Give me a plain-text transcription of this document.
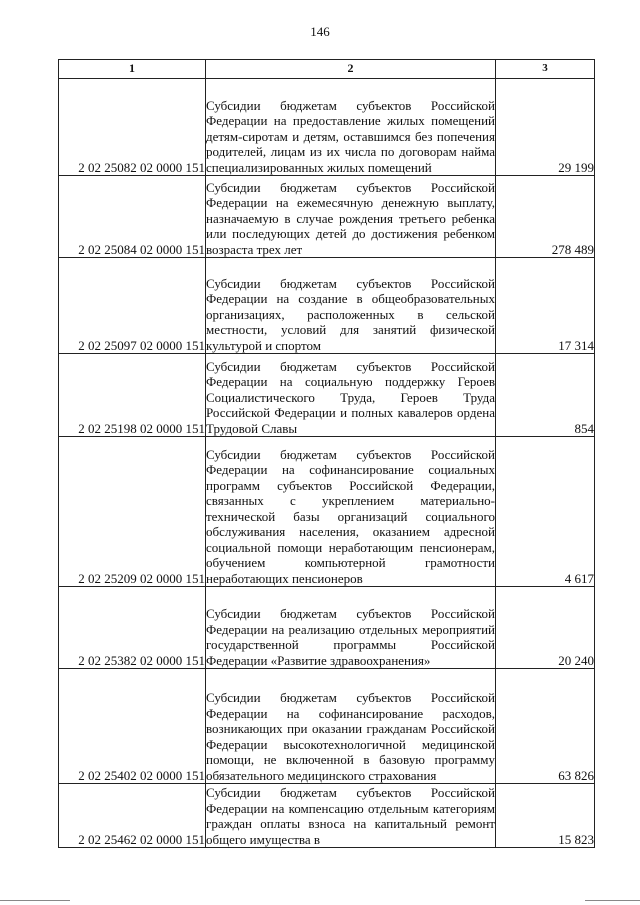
146
1	2	3
2 02 25082 02 0000 151	Субсидии бюджетам субъектов Российской Федерации на предоставление жилых помещений детям-сиротам и детям, оставшимся без попечения родителей, лицам из их числа по договорам найма специализированных жилых помещений	29 199
2 02 25084 02 0000 151	Субсидии бюджетам субъектов Российской Федерации на ежемесячную денежную выплату, назначаемую в случае рождения третьего ребенка или последующих детей до достижения ребенком возраста трех лет	278 489
2 02 25097 02 0000 151	Субсидии бюджетам субъектов Российской Федерации на создание в общеобразовательных организациях, расположенных в сельской местности, условий для занятий физической культурой и спортом	17 314
2 02 25198 02 0000 151	Субсидии бюджетам субъектов Российской Федерации на социальную поддержку Героев Социалистического Труда, Героев Труда Российской Федерации и полных кавалеров ордена Трудовой Славы	854
2 02 25209 02 0000 151	Субсидии бюджетам субъектов Российской Федерации на софинансирование социальных программ субъектов Российской Федерации, связанных с укреплением материально-технической базы организаций социального обслуживания населения, оказанием адресной социальной помощи неработающим пенсионерам, обучением компьютерной грамотности неработающих пенсионеров	4 617
2 02 25382 02 0000 151	Субсидии бюджетам субъектов Российской Федерации на реализацию отдельных мероприятий государственной программы Российской Федерации «Развитие здравоохранения»	20 240
2 02 25402 02 0000 151	Субсидии бюджетам субъектов Российской Федерации на софинансирование расходов, возникающих при оказании гражданам Российской Федерации высокотехнологичной медицинской помощи, не включенной в базовую программу обязательного медицинского страхования	63 826
2 02 25462 02 0000 151	Субсидии бюджетам субъектов Российской Федерации на компенсацию отдельным категориям граждан оплаты взноса на капитальный ремонт общего имущества в	15 823
